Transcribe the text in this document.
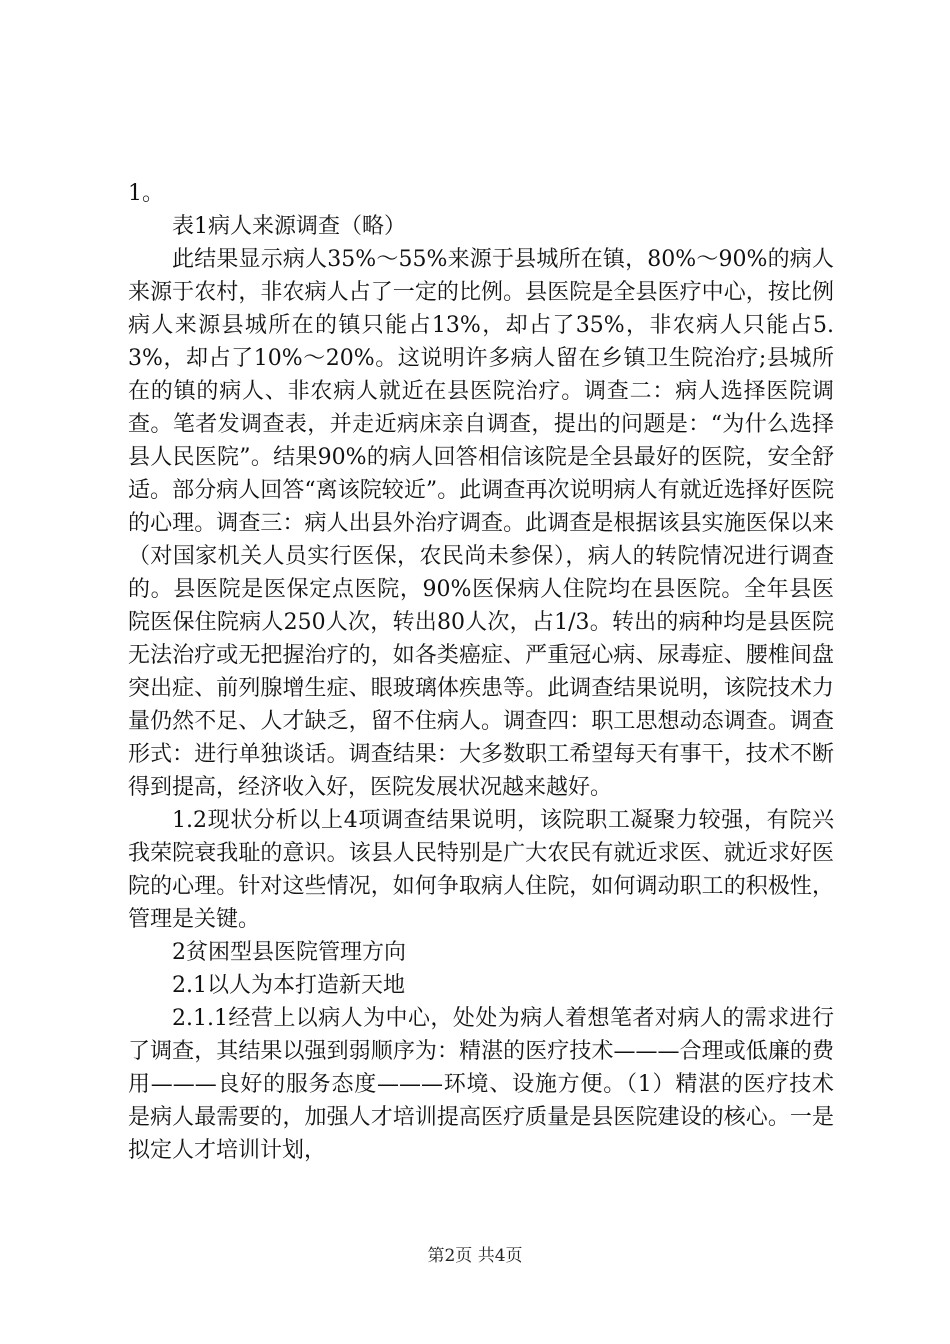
1。

表1病人来源调查（略）

此结果显示病人35%～55%来源于县城所在镇，80%～90%的病人来源于农村，非农病人占了一定的比例。县医院是全县医疗中心，按比例病人来源县城所在的镇只能占13%，却占了35%，非农病人只能占5.3%，却占了10%～20%。这说明许多病人留在乡镇卫生院治疗;县城所在的镇的病人、非农病人就近在县医院治疗。调查二：病人选择医院调查。笔者发调查表，并走近病床亲自调查，提出的问题是：“为什么选择县人民医院”。结果90%的病人回答相信该院是全县最好的医院，安全舒适。部分病人回答“离该院较近”。此调查再次说明病人有就近选择好医院的心理。调查三：病人出县外治疗调查。此调查是根据该县实施医保以来（对国家机关人员实行医保，农民尚未参保），病人的转院情况进行调查的。县医院是医保定点医院，90%医保病人住院均在县医院。全年县医院医保住院病人250人次，转出80人次，占1/3。转出的病种均是县医院无法治疗或无把握治疗的，如各类癌症、严重冠心病、尿毒症、腰椎间盘突出症、前列腺增生症、眼玻璃体疾患等。此调查结果说明，该院技术力量仍然不足、人才缺乏，留不住病人。调查四：职工思想动态调查。调查形式：进行单独谈话。调查结果：大多数职工希望每天有事干，技术不断得到提高，经济收入好，医院发展状况越来越好。

1.2现状分析以上4项调查结果说明，该院职工凝聚力较强，有院兴我荣院衰我耻的意识。该县人民特别是广大农民有就近求医、就近求好医院的心理。针对这些情况，如何争取病人住院，如何调动职工的积极性，管理是关键。

2贫困型县医院管理方向

2.1以人为本打造新天地

2.1.1经营上以病人为中心，处处为病人着想笔者对病人的需求进行了调查，其结果以强到弱顺序为：精湛的医疗技术———合理或低廉的费用———良好的服务态度———环境、设施方便。（1）精湛的医疗技术是病人最需要的，加强人才培训提高医疗质量是县医院建设的核心。一是拟定人才培训计划，

第2页 共4页
